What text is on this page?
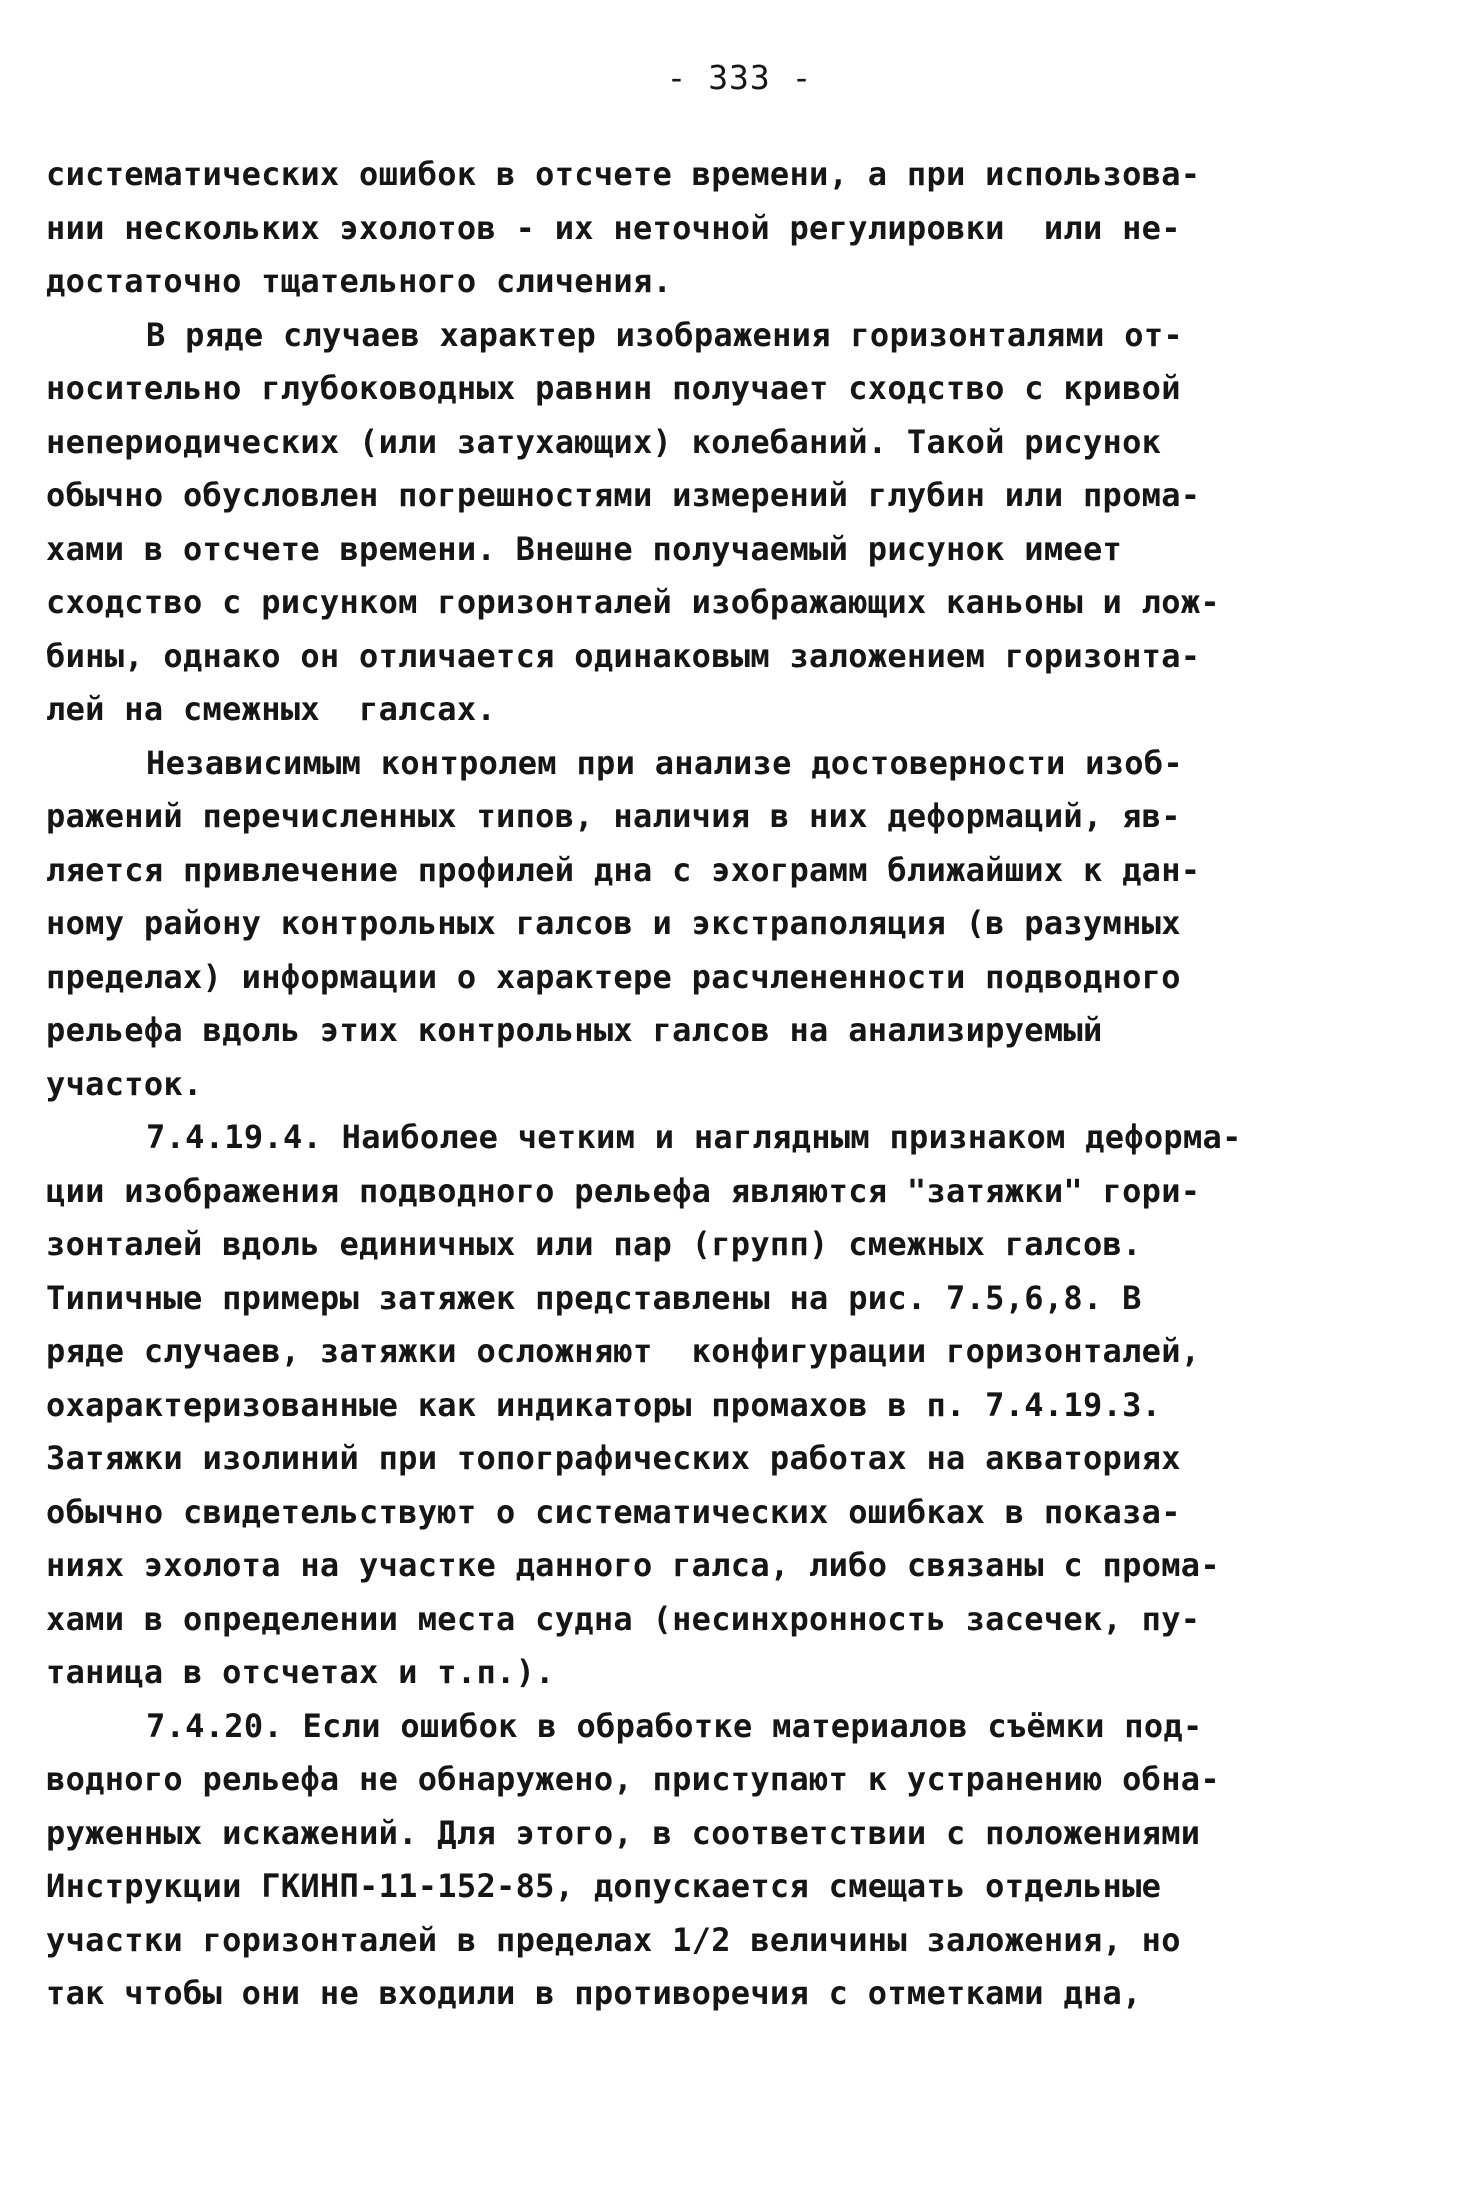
- 333 -
систематических ошибок в отсчете времени, а при использова-
нии нескольких эхолотов - их неточной регулировки  или не-
достаточно тщательного сличения.
В ряде случаев характер изображения горизонталями от-
носительно глубоководных равнин получает сходство с кривой
непериодических (или затухающих) колебаний. Такой рисунок
обычно обусловлен погрешностями измерений глубин или прома-
хами в отсчете времени. Внешне получаемый рисунок имеет
сходство с рисунком горизонталей изображающих каньоны и лож-
бины, однако он отличается одинаковым заложением горизонта-
лей на смежных  галсах.
Независимым контролем при анализе достоверности изоб-
ражений перечисленных типов, наличия в них деформаций, яв-
ляется привлечение профилей дна с эхограмм ближайших к дан-
ному району контрольных галсов и экстраполяция (в разумных
пределах) информации о характере расчлененности подводного
рельефа вдоль этих контрольных галсов на анализируемый
участок.
7.4.19.4. Наиболее четким и наглядным признаком деформа-
ции изображения подводного рельефа являются "затяжки" гори-
зонталей вдоль единичных или пар (групп) смежных галсов.
Типичные примеры затяжек представлены на рис. 7.5,6,8. В
ряде случаев, затяжки осложняют  конфигурации горизонталей,
охарактеризованные как индикаторы промахов в п. 7.4.19.3.
Затяжки изолиний при топографических работах на акваториях
обычно свидетельствуют о систематических ошибках в показа-
ниях эхолота на участке данного галса, либо связаны с прома-
хами в определении места судна (несинхронность засечек, пу-
таница в отсчетах и т.п.).
7.4.20. Если ошибок в обработке материалов съёмки под-
водного рельефа не обнаружено, приступают к устранению обна-
руженных искажений. Для этого, в соответствии с положениями
Инструкции ГКИНП-11-152-85, допускается смещать отдельные
участки горизонталей в пределах 1/2 величины заложения, но
так чтобы они не входили в противоречия с отметками дна,
